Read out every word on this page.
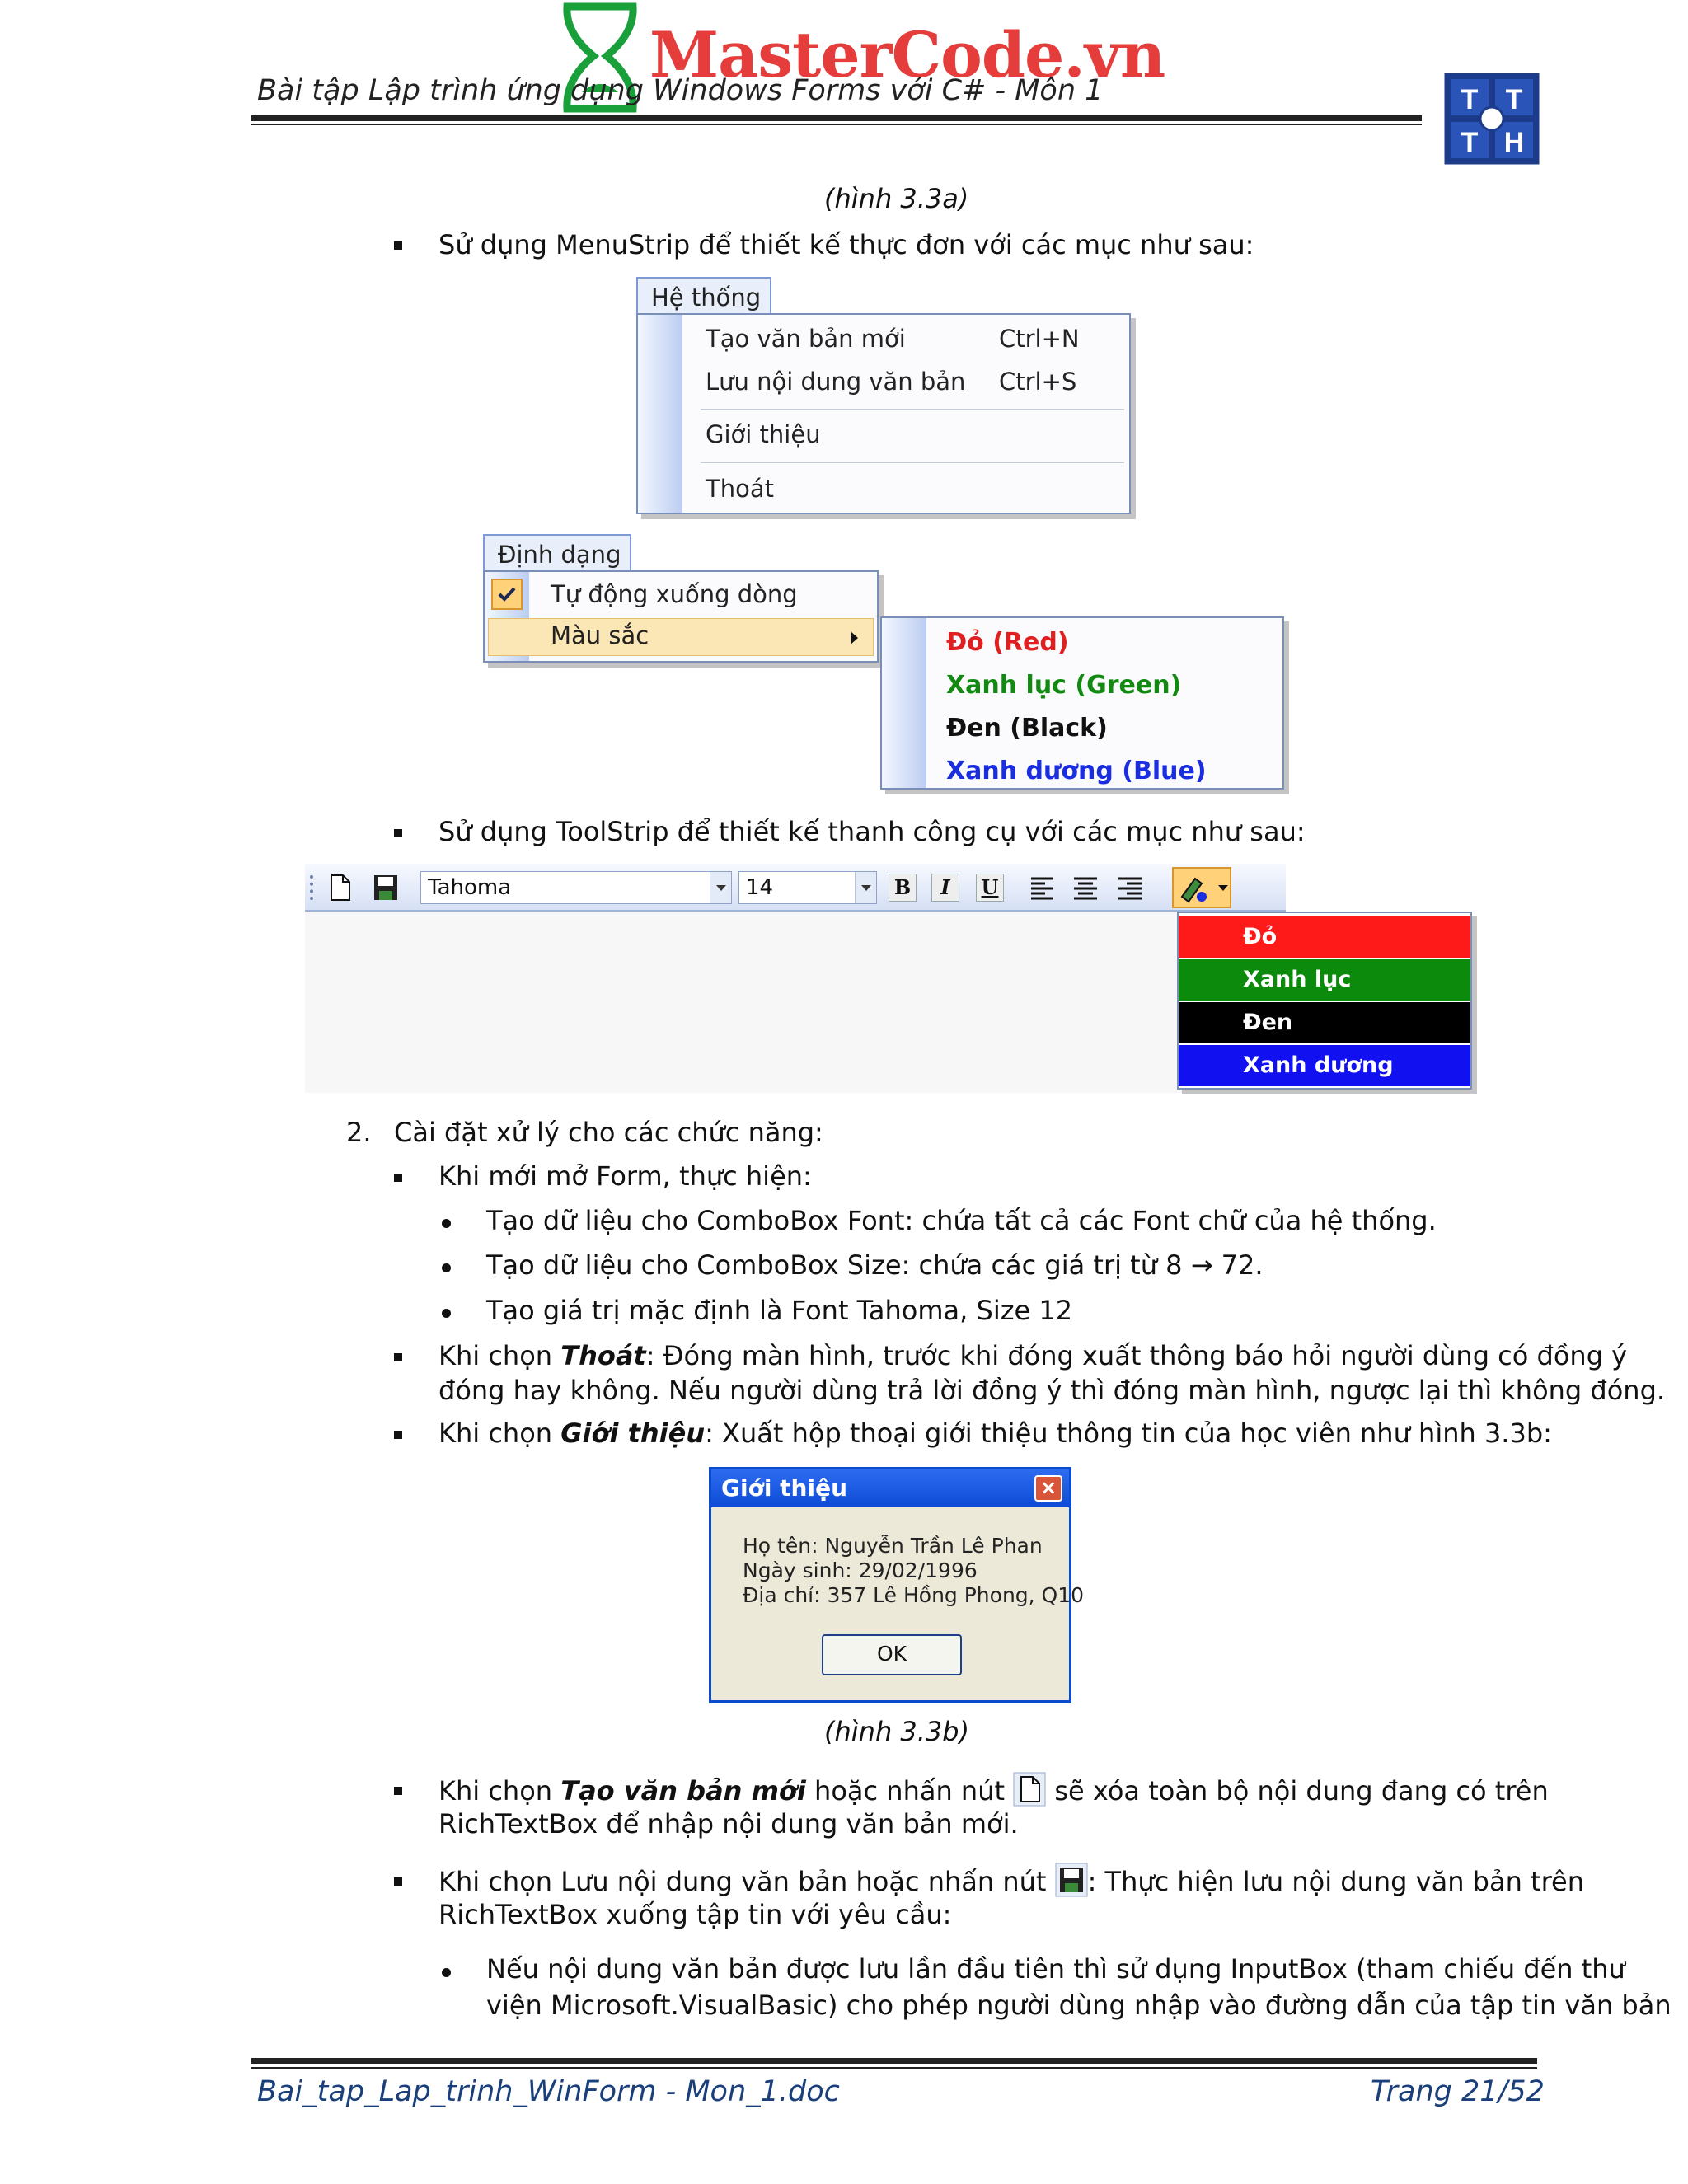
MasterCode.vn
Bài tập Lập trình ứng dụng Windows Forms với C# - Môn 1	T T
T H
(hình 3.3a)
Sử dụng MenuStrip để thiết kế thực đơn với các mục như sau:
Hệ thống
Tạo văn bản mới	Ctrl+N
Lưu nội dung văn bản Ctrl+S
Giới thiệu
Thoát
Định dạng
Tự động xuống dòng
Màu sắc	Đỏ (Red)
Xanh lục (Green)
Đen (Black)
Xanh dương (Blue)
Sử dụng ToolStrip để thiết kế thanh công cụ với các mục như sau:
Tahoma	14	B	I	U
Đỏ
Xanh lục
Đen
Xanh dương
2. Cài đặt xử lý cho các chức năng:
Khi mới mở Form, thực hiện:
Tạo dữ liệu cho ComboBox Font: chứa tất cả các Font chữ của hệ thống.
Tạo dữ liệu cho ComboBox Size: chứa các giá trị từ 8 → 72.
Tạo giá trị mặc định là Font Tahoma, Size 12
Khi chọn Thoát: Đóng màn hình, trước khi đóng xuất thông báo hỏi người dùng có đồng ý
đóng hay không. Nếu người dùng trả lời đồng ý thì đóng màn hình, ngược lại thì không đóng.
Khi chọn Giới thiệu: Xuất hộp thoại giới thiệu thông tin của học viên như hình 3.3b:
Giới thiệu	×
Họ tên: Nguyễn Trần Lê Phan
Ngày sinh: 29/02/1996
Địa chỉ: 357 Lê Hồng Phong, Q10
OK
(hình 3.3b)
Khi chọn Tạo văn bản mới hoặc nhấn nút  sẽ xóa toàn bộ nội dung đang có trên
RichTextBox để nhập nội dung văn bản mới.
Khi chọn Lưu nội dung văn bản hoặc nhấn nút : Thực hiện lưu nội dung văn bản trên
RichTextBox xuống tập tin với yêu cầu:
Nếu nội dung văn bản được lưu lần đầu tiên thì sử dụng InputBox (tham chiếu đến thư
viện Microsoft.VisualBasic) cho phép người dùng nhập vào đường dẫn của tập tin văn bản
Bai_tap_Lap_trinh_WinForm - Mon_1.doc	Trang 21/52
